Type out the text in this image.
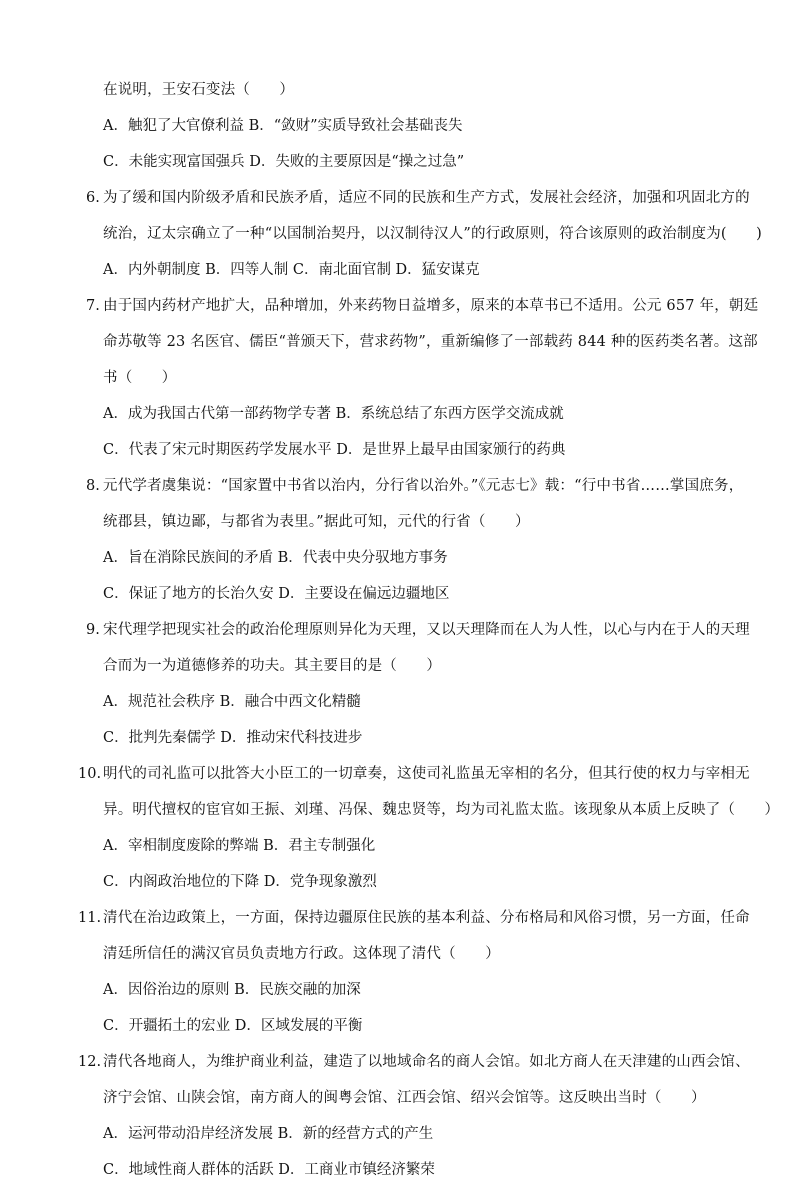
在说明，王安石变法（　　）
A．触犯了大官僚利益 B．“敛财”实质导致社会基础丧失
C．未能实现富国强兵 D．失败的主要原因是“操之过急”
6. 为了缓和国内阶级矛盾和民族矛盾，适应不同的民族和生产方式，发展社会经济，加强和巩固北方的
统治，辽太宗确立了一种“以国制治契丹，以汉制待汉人”的行政原则，符合该原则的政治制度为(　　)
A．内外朝制度 B．四等人制 C．南北面官制 D．猛安谋克
7. 由于国内药材产地扩大，品种增加，外来药物日益增多，原来的本草书已不适用。公元 657 年，朝廷
命苏敬等 23 名医官、儒臣“普颁天下，营求药物”，重新编修了一部载药 844 种的医药类名著。这部
书（　　）
A．成为我国古代第一部药物学专著 B．系统总结了东西方医学交流成就
C．代表了宋元时期医药学发展水平 D．是世界上最早由国家颁行的药典
8. 元代学者虞集说：“国家置中书省以治内，分行省以治外。”《元志七》载：“行中书省……掌国庶务，
统郡县，镇边鄙，与都省为表里。”据此可知，元代的行省（　　）
A．旨在消除民族间的矛盾 B．代表中央分驭地方事务
C．保证了地方的长治久安 D．主要设在偏远边疆地区
9. 宋代理学把现实社会的政治伦理原则异化为天理，又以天理降而在人为人性，以心与内在于人的天理
合而为一为道德修养的功夫。其主要目的是（　　）
A．规范社会秩序 B．融合中西文化精髓
C．批判先秦儒学 D．推动宋代科技进步
10. 明代的司礼监可以批答大小臣工的一切章奏，这使司礼监虽无宰相的名分，但其行使的权力与宰相无
异。明代擅权的宦官如王振、刘瑾、冯保、魏忠贤等，均为司礼监太监。该现象从本质上反映了（　　）
A．宰相制度废除的弊端 B．君主专制强化
C．内阁政治地位的下降 D．党争现象激烈
11. 清代在治边政策上，一方面，保持边疆原住民族的基本利益、分布格局和风俗习惯，另一方面，任命
清廷所信任的满汉官员负责地方行政。这体现了清代（　　）
A．因俗治边的原则 B．民族交融的加深
C．开疆拓土的宏业 D．区域发展的平衡
12. 清代各地商人，为维护商业利益，建造了以地域命名的商人会馆。如北方商人在天津建的山西会馆、
济宁会馆、山陕会馆，南方商人的闽粤会馆、江西会馆、绍兴会馆等。这反映出当时（　　）
A．运河带动沿岸经济发展 B．新的经营方式的产生
C．地域性商人群体的活跃 D．工商业市镇经济繁荣
